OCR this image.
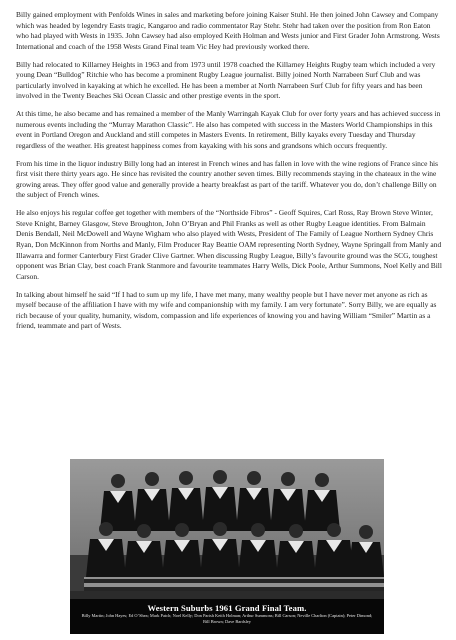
Billy gained employment with Penfolds Wines in sales and marketing before joining Kaiser Stuhl. He then joined John Cawsey and Company which was headed by legendry Easts tragic, Kangaroo and radio commentator Ray Stehr. Stehr had taken over the position from Ron Eaton who had played with Wests in 1935. John Cawsey had also employed Keith Holman and Wests junior and First Grader John Armstrong. Wests International and coach of the 1958 Wests Grand Final team Vic Hey had previously worked there.

Billy had relocated to Killarney Heights in 1963 and from 1973 until 1978 coached the Killarney Heights Rugby team which included a very young Dean “Bulldog” Ritchie who has become a prominent Rugby League journalist. Billy joined North Narrabeen Surf Club and was particularly involved in kayaking at which he excelled. He has been a member at North Narrabeen Surf Club for fifty years and has been involved in the Twenty Beaches Ski Ocean Classic and other prestige events in the sport.

At this time, he also became and has remained a member of the Manly Warringah Kayak Club for over forty years and has achieved success in numerous events including the “Murray Marathon Classic”. He also has competed with success in the Masters World Championships in this event in Portland Oregon and Auckland and still competes in Masters Events. In retirement, Billy kayaks every Tuesday and Thursday regardless of the weather. His greatest happiness comes from kayaking with his sons and grandsons which occurs frequently.

From his time in the liquor industry Billy long had an interest in French wines and has fallen in love with the wine regions of France since his first visit there thirty years ago. He since has revisited the country another seven times. Billy recommends staying in the chateaux in the wine growing areas. They offer good value and generally provide a hearty breakfast as part of the tariff. Whatever you do, don’t challenge Billy on the subject of French wines.

He also enjoys his regular coffee get together with members of the “Northside Fibros” - Geoff Squires, Carl Ross, Ray Brown Steve Winter, Steve Knight, Barney Glasgow, Steve Broughton, John O’Bryan and Phil Franks as well as other Rugby League identities. From Balmain Denis Bendall, Neil McDowell and Wayne Wigham who also played with Wests, President of The Family of League Northern Sydney Chris Ryan, Don McKinnon from Norths and Manly, Film Producer Ray Beattie OAM representing North Sydney, Wayne Springall from Manly and Illawarra and former Canterbury First Grader Clive Gartner. When discussing Rugby League, Billy’s favourite ground was the SCG, toughest opponent was Brian Clay, best coach Frank Stanmore and favourite teammates Harry Wells, Dick Poole, Arthur Summons, Noel Kelly and Bill Carson.

In talking about himself he said “If I had to sum up my life, I have met many, many wealthy people but I have never met anyone as rich as myself because of the affiliation I have with my wife and companionship with my family. I am very fortunate”. Sorry Billy, we are equally as rich because of your quality, humanity, wisdom, compassion and life experiences of knowing you and having William “Smiler” Martin as a friend, teammate and part of Wests.

Western Suburbs 1961 Grand Final Team.
Billy Martin; John Hayes; Ed O’Shea; Mark Patch; Noel Kelly; Don Parish Keith Holman; Arthur Summons; Bill Carson; Neville Charlton (Captain); Peter Dimond; Bill Brown; Dave Bardsley
